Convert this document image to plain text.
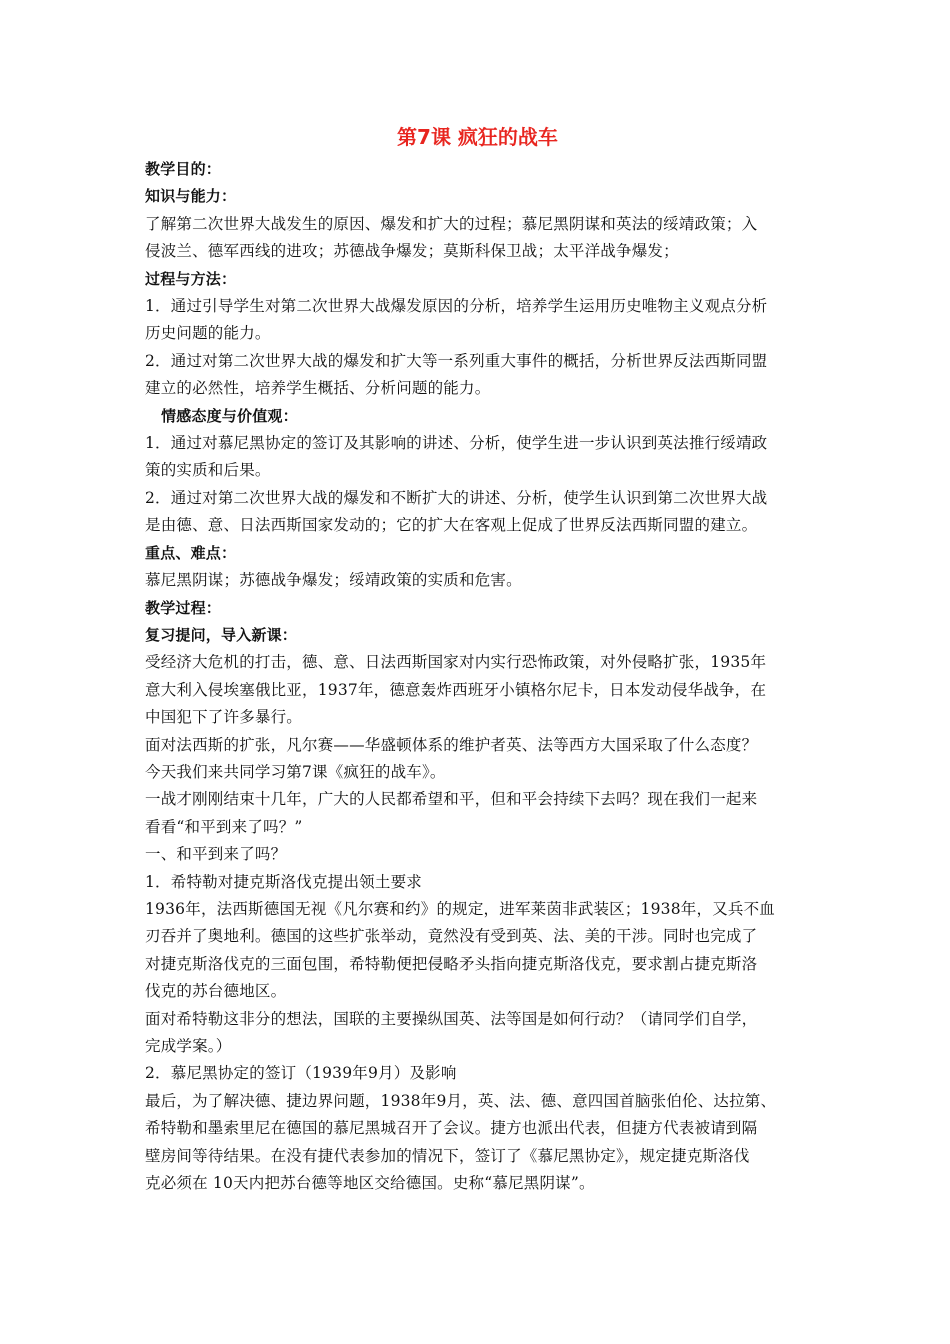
第7课 疯狂的战车

教学目的：

知识与能力：

了解第二次世界大战发生的原因、爆发和扩大的过程；慕尼黑阴谋和英法的绥靖政策；入

侵波兰、德军西线的进攻；苏德战争爆发；莫斯科保卫战；太平洋战争爆发；

过程与方法：

1．通过引导学生对第二次世界大战爆发原因的分析，培养学生运用历史唯物主义观点分析

历史问题的能力。

2．通过对第二次世界大战的爆发和扩大等一系列重大事件的概括，分析世界反法西斯同盟

建立的必然性，培养学生概括、分析问题的能力。

情感态度与价值观：

1．通过对慕尼黑协定的签订及其影响的讲述、分析，使学生进一步认识到英法推行绥靖政

策的实质和后果。

2．通过对第二次世界大战的爆发和不断扩大的讲述、分析，使学生认识到第二次世界大战

是由德、意、日法西斯国家发动的；它的扩大在客观上促成了世界反法西斯同盟的建立。

重点、难点：

慕尼黑阴谋；苏德战争爆发；绥靖政策的实质和危害。

教学过程：

复习提问，导入新课：

受经济大危机的打击，德、意、日法西斯国家对内实行恐怖政策，对外侵略扩张，1935年

意大利入侵埃塞俄比亚，1937年，德意轰炸西班牙小镇格尔尼卡，日本发动侵华战争，在

中国犯下了许多暴行。

面对法西斯的扩张，凡尔赛——华盛顿体系的维护者英、法等西方大国采取了什么态度？

今天我们来共同学习第7课《疯狂的战车》。

一战才刚刚结束十几年，广大的人民都希望和平，但和平会持续下去吗？现在我们一起来

看看“和平到来了吗？”

一、和平到来了吗？

1．希特勒对捷克斯洛伐克提出领土要求

1936年，法西斯德国无视《凡尔赛和约》的规定，进军莱茵非武装区；1938年，又兵不血

刃吞并了奥地利。德国的这些扩张举动，竟然没有受到英、法、美的干涉。同时也完成了

对捷克斯洛伐克的三面包围，希特勒便把侵略矛头指向捷克斯洛伐克，要求割占捷克斯洛

伐克的苏台德地区。

面对希特勒这非分的想法，国联的主要操纵国英、法等国是如何行动？（请同学们自学，

完成学案。）

2．慕尼黑协定的签订（1939年9月）及影响

最后，为了解决德、捷边界问题，1938年9月，英、法、德、意四国首脑张伯伦、达拉第、

希特勒和墨索里尼在德国的慕尼黑城召开了会议。捷方也派出代表，但捷方代表被请到隔

壁房间等待结果。在没有捷代表参加的情况下，签订了《慕尼黑协定》，规定捷克斯洛伐

克必须在 10天内把苏台德等地区交给德国。史称“慕尼黑阴谋”。
